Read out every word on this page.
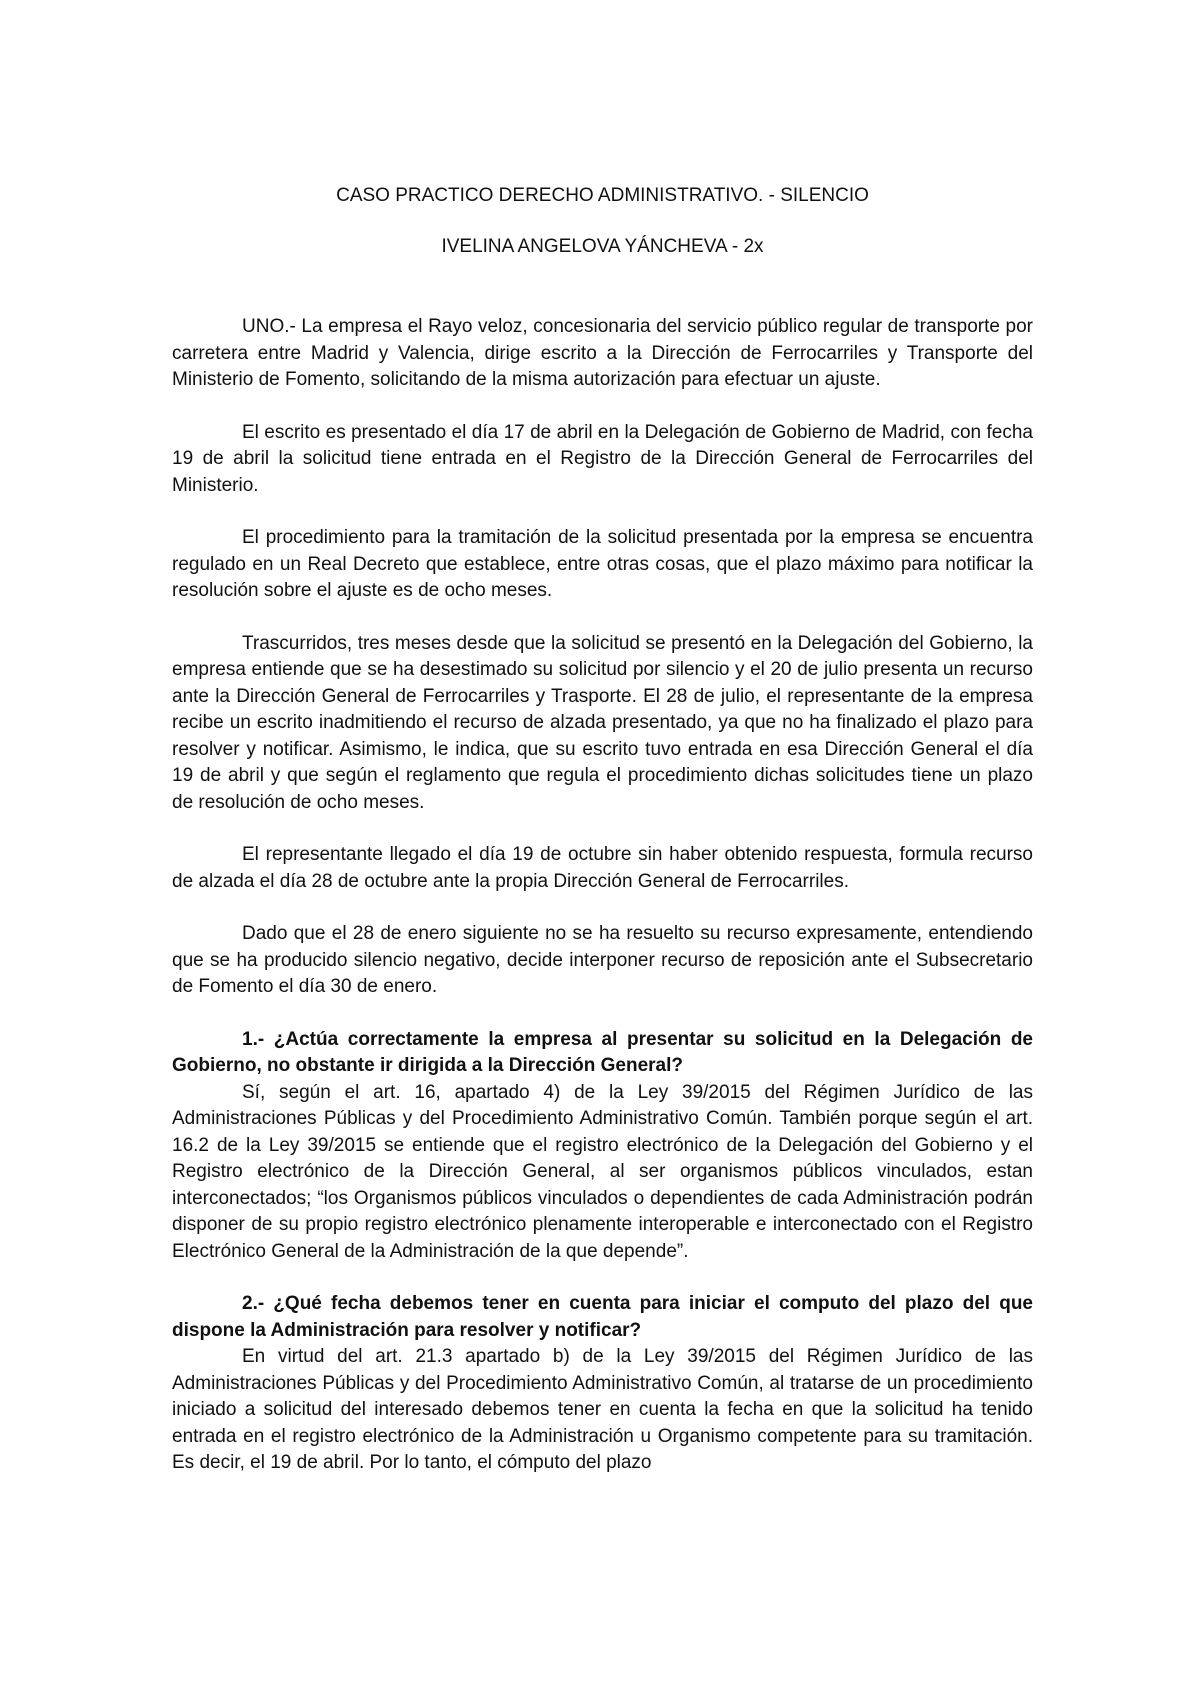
CASO PRACTICO DERECHO ADMINISTRATIVO. - SILENCIO

IVELINA ANGELOVA YÁNCHEVA - 2x

UNO.- La empresa el Rayo veloz, concesionaria del servicio público regular de transporte por carretera entre Madrid y Valencia, dirige escrito a la Dirección de Ferrocarriles y Transporte del Ministerio de Fomento, solicitando de la misma autorización para efectuar un ajuste.

El escrito es presentado el día 17 de abril en la Delegación de Gobierno de Madrid, con fecha 19 de abril la solicitud tiene entrada en el Registro de la Dirección General de Ferrocarriles del Ministerio.

El procedimiento para la tramitación de la solicitud presentada por la empresa se encuentra regulado en un Real Decreto que establece, entre otras cosas, que el plazo máximo para notificar la resolución sobre el ajuste es de ocho meses.

Trascurridos, tres meses desde que la solicitud se presentó en la Delegación del Gobierno, la empresa entiende que se ha desestimado su solicitud por silencio y el 20 de julio presenta un recurso ante la Dirección General de Ferrocarriles y Trasporte. El 28 de julio, el representante de la empresa recibe un escrito inadmitiendo el recurso de alzada presentado, ya que no ha finalizado el plazo para resolver y notificar. Asimismo, le indica, que su escrito tuvo entrada en esa Dirección General el día 19 de abril y que según el reglamento que regula el procedimiento dichas solicitudes tiene un plazo de resolución de ocho meses.

El representante llegado el día 19 de octubre sin haber obtenido respuesta, formula recurso de alzada el día 28 de octubre ante la propia Dirección General de Ferrocarriles.

Dado que el 28 de enero siguiente no se ha resuelto su recurso expresamente, entendiendo que se ha producido silencio negativo, decide interponer recurso de reposición ante el Subsecretario de Fomento el día 30 de enero.

1.- ¿Actúa correctamente la empresa al presentar su solicitud en la Delegación de Gobierno, no obstante ir dirigida a la Dirección General?

Sí, según el art. 16, apartado 4) de la Ley 39/2015 del Régimen Jurídico de las Administraciones Públicas y del Procedimiento Administrativo Común. También porque según el art. 16.2 de la Ley 39/2015 se entiende que el registro electrónico de la Delegación del Gobierno y el Registro electrónico de la Dirección General, al ser organismos públicos vinculados, estan interconectados; “los Organismos públicos vinculados o dependientes de cada Administración podrán disponer de su propio registro electrónico plenamente interoperable e interconectado con el Registro Electrónico General de la Administración de la que depende”.

2.- ¿Qué fecha debemos tener en cuenta para iniciar el computo del plazo del que dispone la Administración para resolver y notificar?

En virtud del art. 21.3 apartado b) de la Ley 39/2015 del Régimen Jurídico de las Administraciones Públicas y del Procedimiento Administrativo Común, al tratarse de un procedimiento iniciado a solicitud del interesado debemos tener en cuenta la fecha en que la solicitud ha tenido entrada en el registro electrónico de la Administración u Organismo competente para su tramitación. Es decir, el 19 de abril. Por lo tanto, el cómputo del plazo
